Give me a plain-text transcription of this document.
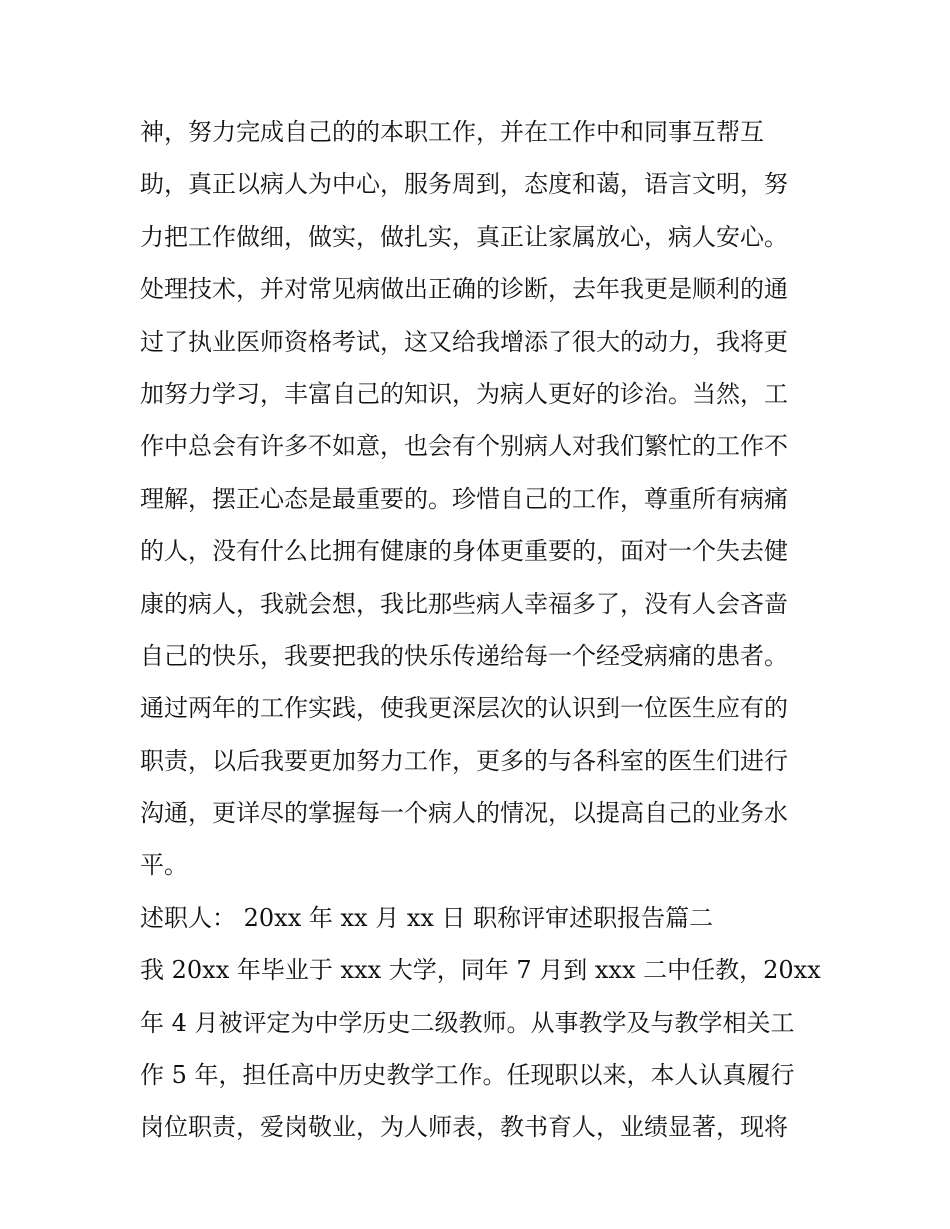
神，努力完成自己的的本职工作，并在工作中和同事互帮互
助，真正以病人为中心，服务周到，态度和蔼，语言文明，努
力把工作做细，做实，做扎实，真正让家属放心，病人安心。
处理技术，并对常见病做出正确的诊断，去年我更是顺利的通
过了执业医师资格考试，这又给我增添了很大的动力，我将更
加努力学习，丰富自己的知识，为病人更好的诊治。当然，工
作中总会有许多不如意，也会有个别病人对我们繁忙的工作不
理解，摆正心态是最重要的。珍惜自己的工作，尊重所有病痛
的人，没有什么比拥有健康的身体更重要的，面对一个失去健
康的病人，我就会想，我比那些病人幸福多了，没有人会吝啬
自己的快乐，我要把我的快乐传递给每一个经受病痛的患者。
通过两年的工作实践，使我更深层次的认识到一位医生应有的
职责，以后我要更加努力工作，更多的与各科室的医生们进行
沟通，更详尽的掌握每一个病人的情况，以提高自己的业务水
平。
述职人： 20xx 年 xx 月 xx 日 职称评审述职报告篇二
我 20xx 年毕业于 xxx 大学，同年 7 月到 xxx 二中任教，20xx
年 4 月被评定为中学历史二级教师。从事教学及与教学相关工
作 5 年，担任高中历史教学工作。任现职以来，本人认真履行
岗位职责，爱岗敬业，为人师表，教书育人，业绩显著，现将
